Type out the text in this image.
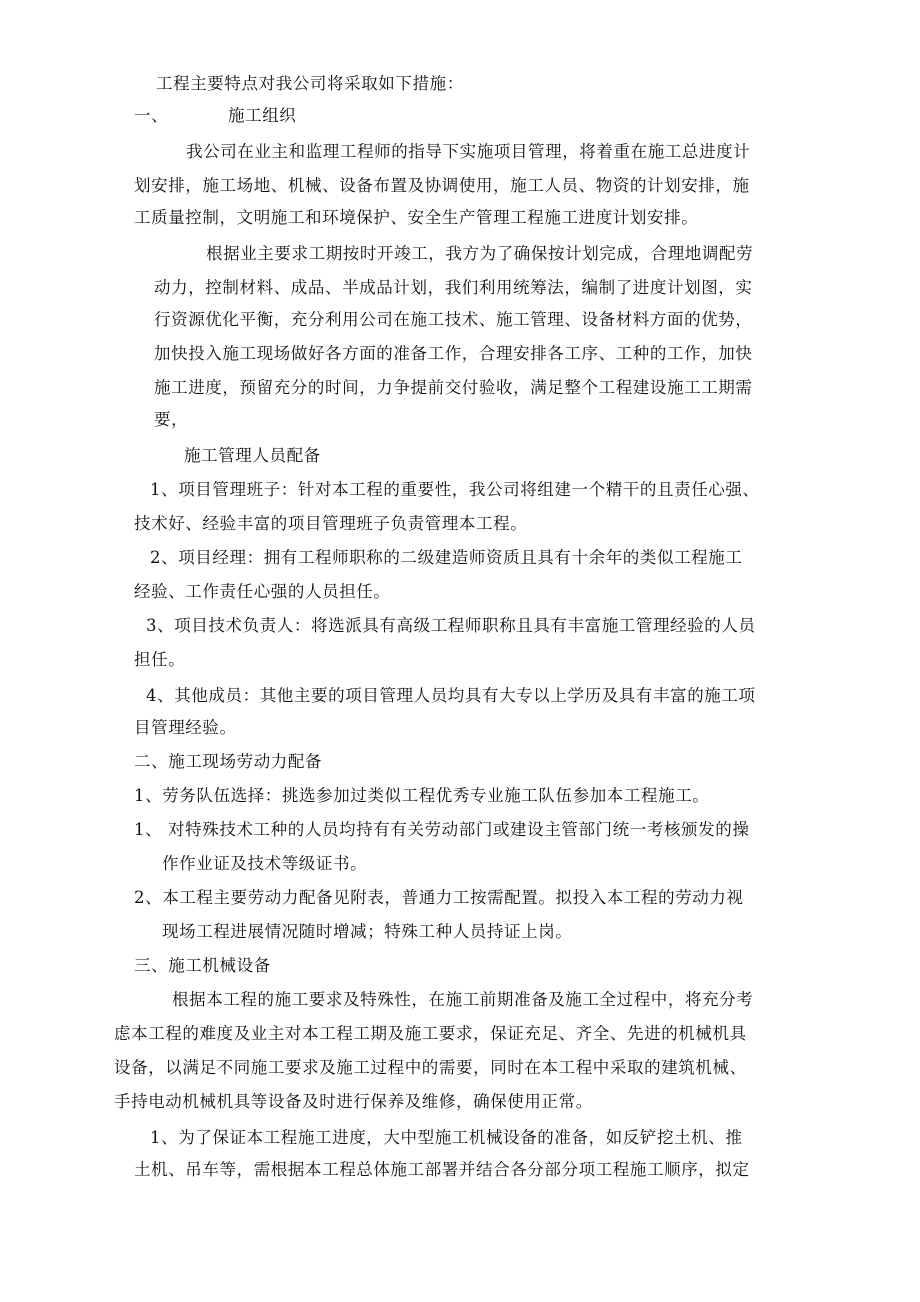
工程主要特点对我公司将采取如下措施：
一、	施工组织
我公司在业主和监理工程师的指导下实施项目管理，将着重在施工总进度计
划安排，施工场地、机械、设备布置及协调使用，施工人员、物资的计划安排，施
工质量控制，文明施工和环境保护、安全生产管理工程施工进度计划安排。
根据业主要求工期按时开竣工，我方为了确保按计划完成，合理地调配劳
动力，控制材料、成品、半成品计划，我们利用统筹法，编制了进度计划图，实
行资源优化平衡，充分利用公司在施工技术、施工管理、设备材料方面的优势，
加快投入施工现场做好各方面的准备工作，合理安排各工序、工种的工作，加快
施工进度，预留充分的时间，力争提前交付验收，满足整个工程建设施工工期需
要，
施工管理人员配备
1、项目管理班子：针对本工程的重要性，我公司将组建一个精干的且责任心强、
技术好、经验丰富的项目管理班子负责管理本工程。
2、项目经理：拥有工程师职称的二级建造师资质且具有十余年的类似工程施工
经验、工作责任心强的人员担任。
3、项目技术负责人：将选派具有高级工程师职称且具有丰富施工管理经验的人员
担任。
4、其他成员：其他主要的项目管理人员均具有大专以上学历及具有丰富的施工项
目管理经验。
二、施工现场劳动力配备
1、劳务队伍选择：挑选参加过类似工程优秀专业施工队伍参加本工程施工。
1、 对特殊技术工种的人员均持有有关劳动部门或建设主管部门统一考核颁发的操
作作业证及技术等级证书。
2、本工程主要劳动力配备见附表，普通力工按需配置。拟投入本工程的劳动力视
现场工程进展情况随时增减；特殊工种人员持证上岗。
三、施工机械设备
根据本工程的施工要求及特殊性，在施工前期准备及施工全过程中，将充分考
虑本工程的难度及业主对本工程工期及施工要求，保证充足、齐全、先进的机械机具
设备，以满足不同施工要求及施工过程中的需要，同时在本工程中采取的建筑机械、
手持电动机械机具等设备及时进行保养及维修，确保使用正常。
1、为了保证本工程施工进度，大中型施工机械设备的准备，如反铲挖土机、推
土机、吊车等，需根据本工程总体施工部署并结合各分部分项工程施工顺序，拟定
